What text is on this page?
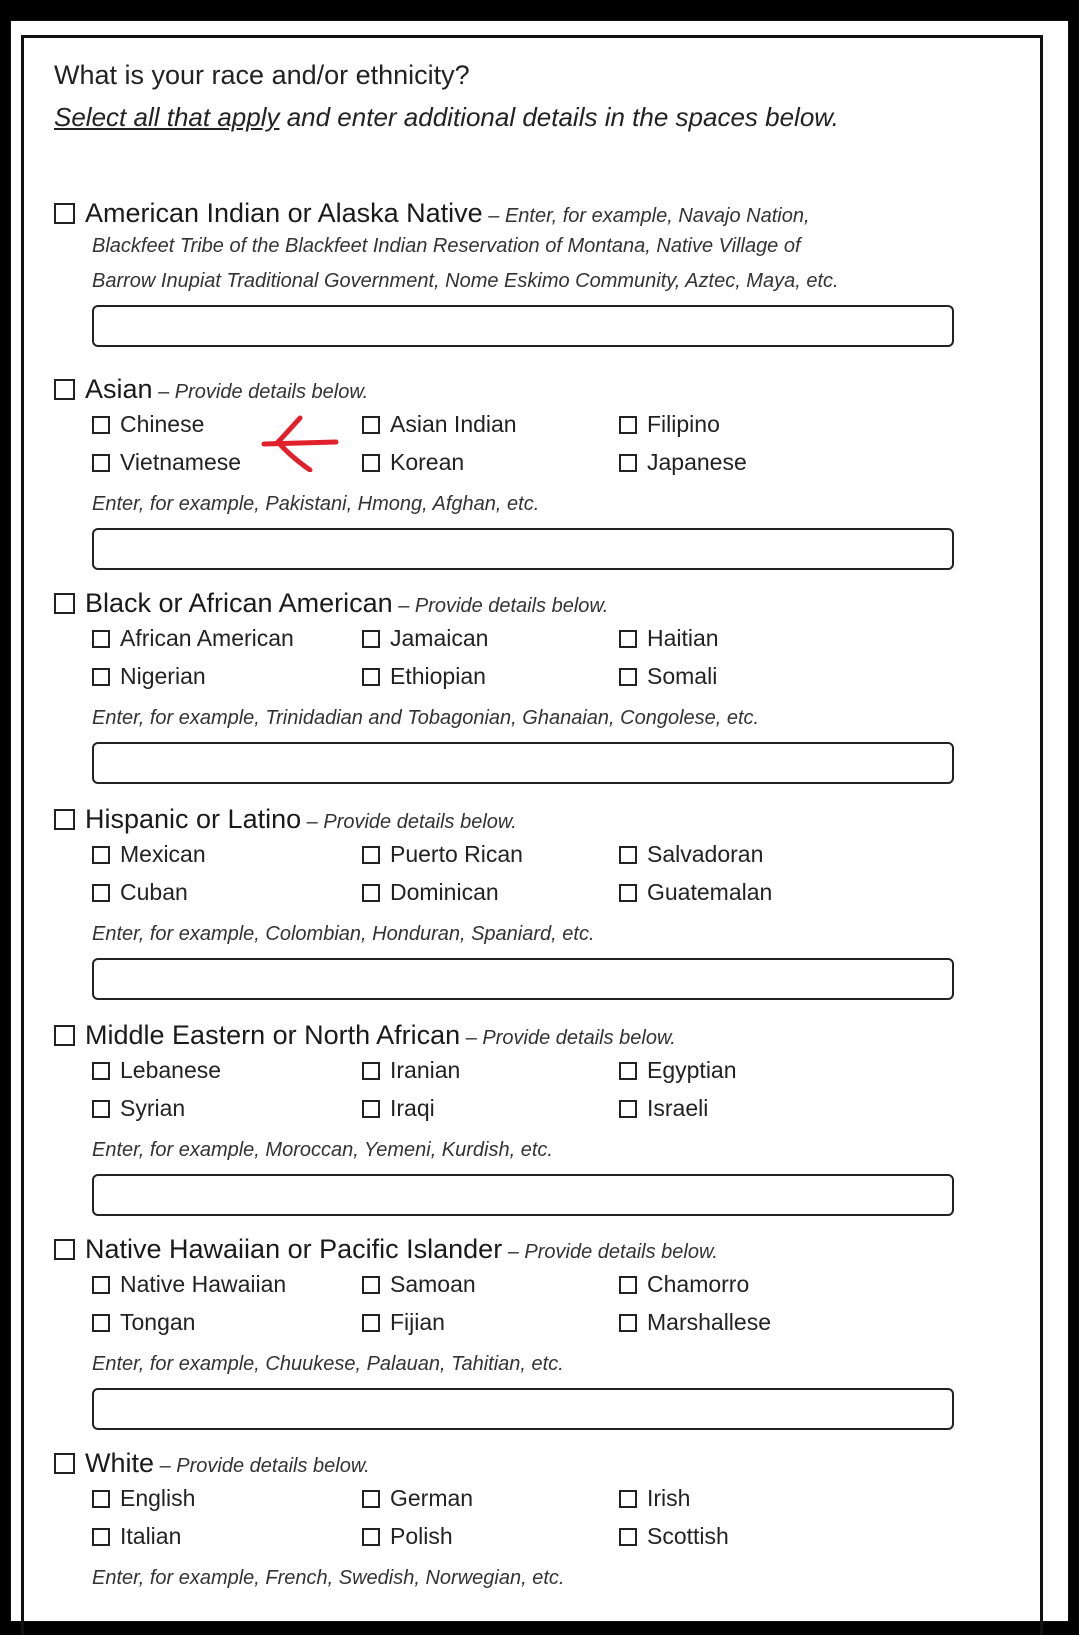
What is your race and/or ethnicity?
Select all that apply and enter additional details in the spaces below.
American Indian or Alaska Native – Enter, for example, Navajo Nation,
Blackfeet Tribe of the Blackfeet Indian Reservation of Montana, Native Village of
Barrow Inupiat Traditional Government, Nome Eskimo Community, Aztec, Maya, etc.
Asian – Provide details below.
Chinese	Asian Indian	Filipino
Vietnamese	Korean	Japanese
Enter, for example, Pakistani, Hmong, Afghan, etc.
Black or African American – Provide details below.
African American	Jamaican	Haitian
Nigerian	Ethiopian	Somali
Enter, for example, Trinidadian and Tobagonian, Ghanaian, Congolese, etc.
Hispanic or Latino – Provide details below.
Mexican	Puerto Rican	Salvadoran
Cuban	Dominican	Guatemalan
Enter, for example, Colombian, Honduran, Spaniard, etc.
Middle Eastern or North African – Provide details below.
Lebanese	Iranian	Egyptian
Syrian	Iraqi	Israeli
Enter, for example, Moroccan, Yemeni, Kurdish, etc.
Native Hawaiian or Pacific Islander – Provide details below.
Native Hawaiian	Samoan	Chamorro
Tongan	Fijian	Marshallese
Enter, for example, Chuukese, Palauan, Tahitian, etc.
White – Provide details below.
English	German	Irish
Italian	Polish	Scottish
Enter, for example, French, Swedish, Norwegian, etc.
